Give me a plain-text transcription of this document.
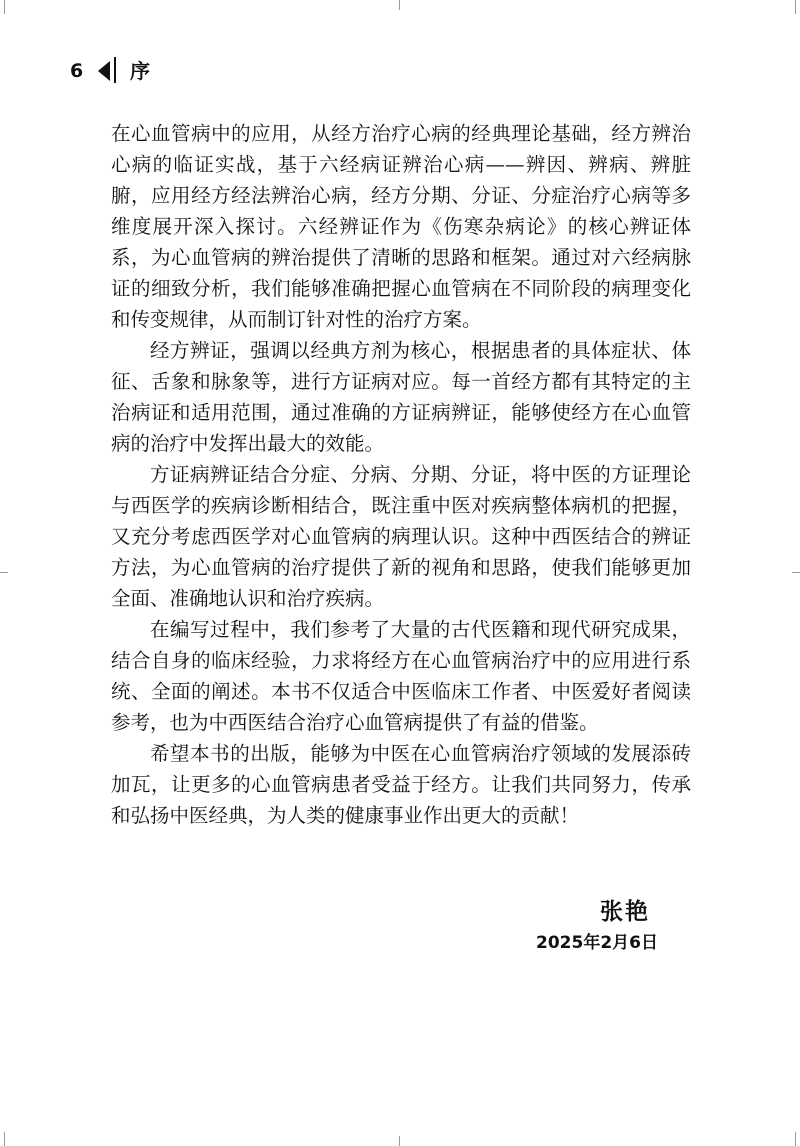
6 序

在心血管病中的应用，从经方治疗心病的经典理论基础，经方辨治心病的临证实战，基于六经病证辨治心病——辨因、辨病、辨脏腑，应用经方经法辨治心病，经方分期、分证、分症治疗心病等多维度展开深入探讨。六经辨证作为《伤寒杂病论》的核心辨证体系，为心血管病的辨治提供了清晰的思路和框架。通过对六经病脉证的细致分析，我们能够准确把握心血管病在不同阶段的病理变化和传变规律，从而制订针对性的治疗方案。

经方辨证，强调以经典方剂为核心，根据患者的具体症状、体征、舌象和脉象等，进行方证病对应。每一首经方都有其特定的主治病证和适用范围，通过准确的方证病辨证，能够使经方在心血管病的治疗中发挥出最大的效能。

方证病辨证结合分症、分病、分期、分证，将中医的方证理论与西医学的疾病诊断相结合，既注重中医对疾病整体病机的把握，又充分考虑西医学对心血管病的病理认识。这种中西医结合的辨证方法，为心血管病的治疗提供了新的视角和思路，使我们能够更加全面、准确地认识和治疗疾病。

在编写过程中，我们参考了大量的古代医籍和现代研究成果，结合自身的临床经验，力求将经方在心血管病治疗中的应用进行系统、全面的阐述。本书不仅适合中医临床工作者、中医爱好者阅读参考，也为中西医结合治疗心血管病提供了有益的借鉴。

希望本书的出版，能够为中医在心血管病治疗领域的发展添砖加瓦，让更多的心血管病患者受益于经方。让我们共同努力，传承和弘扬中医经典，为人类的健康事业作出更大的贡献！

张艳
2025年2月6日
